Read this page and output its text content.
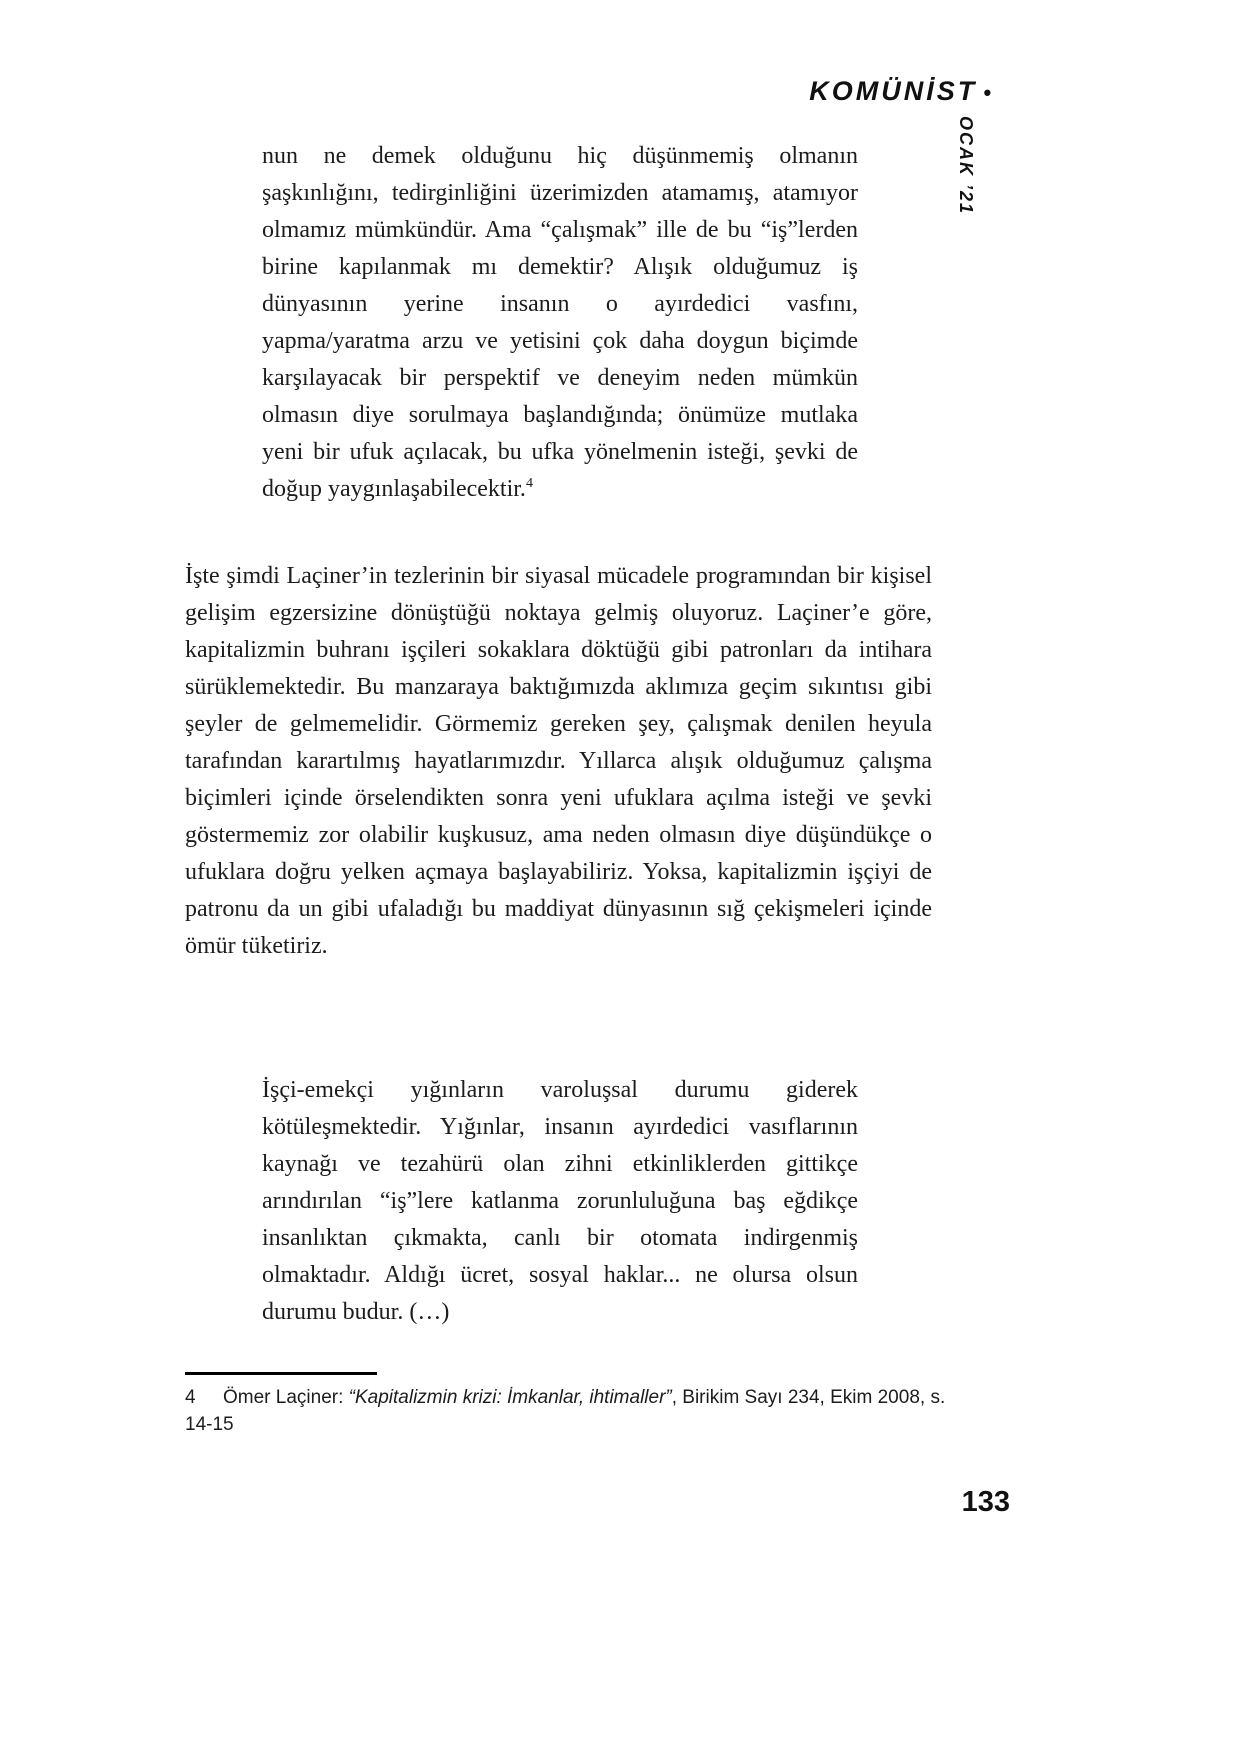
KOMÜNİST •
OCAK ’21
nun ne demek olduğunu hiç düşünmemiş olmanın şaşkınlığını, tedirginliğini üzerimizden atamamış, atamıyor olmamız mümkündür. Ama “çalışmak” ille de bu “iş”lerden birine kapılanmak mı demektir? Alışık olduğumuz iş dünyasının yerine insanın o ayırdedici vasfını, yapma/yaratma arzu ve yetisini çok daha doygun biçimde karşılayacak bir perspektif ve deneyim neden mümkün olmasın diye sorulmaya başlandığında; önümüze mutlaka yeni bir ufuk açılacak, bu ufka yönelmenin isteği, şevki de doğup yaygınlaşabilecektir.$^4$
İşte şimdi Laçiner’in tezlerinin bir siyasal mücadele programından bir kişisel gelişim egzersizine dönüştüğü noktaya gelmiş oluyoruz. Laçiner’e göre, kapitalizmin buhranı işçileri sokaklara döktüğü gibi patronları da intihara sürüklemektedir. Bu manzaraya baktığımızda aklımıza geçim sıkıntısı gibi şeyler de gelmemelidir. Görmemiz gereken şey, çalışmak denilen heyula tarafından karartılmış hayatlarımızdır. Yıllarca alışık olduğumuz çalışma biçimleri içinde örselendikten sonra yeni ufuklara açılma isteği ve şevki göstermemiz zor olabilir kuşkusuz, ama neden olmasın diye düşündükçe o ufuklara doğru yelken açmaya başlayabiliriz. Yoksa, kapitalizmin işçiyi de patronu da un gibi ufaladığı bu maddiyat dünyasının sığ çekişmeleri içinde ömür tüketiriz.
İşçi-emekçi yığınların varoluşsal durumu giderek kötüleşmektedir. Yığınlar, insanın ayırdedici vasıflarının kaynağı ve tezahürü olan zihni etkinliklerden gittikçe arındırılan “iş”lere katlanma zorunluluğuna baş eğdikçe insanlıktan çıkmakta, canlı bir otomata indirgenmiş olmaktadır. Aldığı ücret, sosyal haklar... ne olursa olsun durumu budur. (…)
4 Ömer Laçiner: “Kapitalizmin krizi: İmkanlar, ihtimaller”, Birikim Sayı 234, Ekim 2008, s. 14-15
133
